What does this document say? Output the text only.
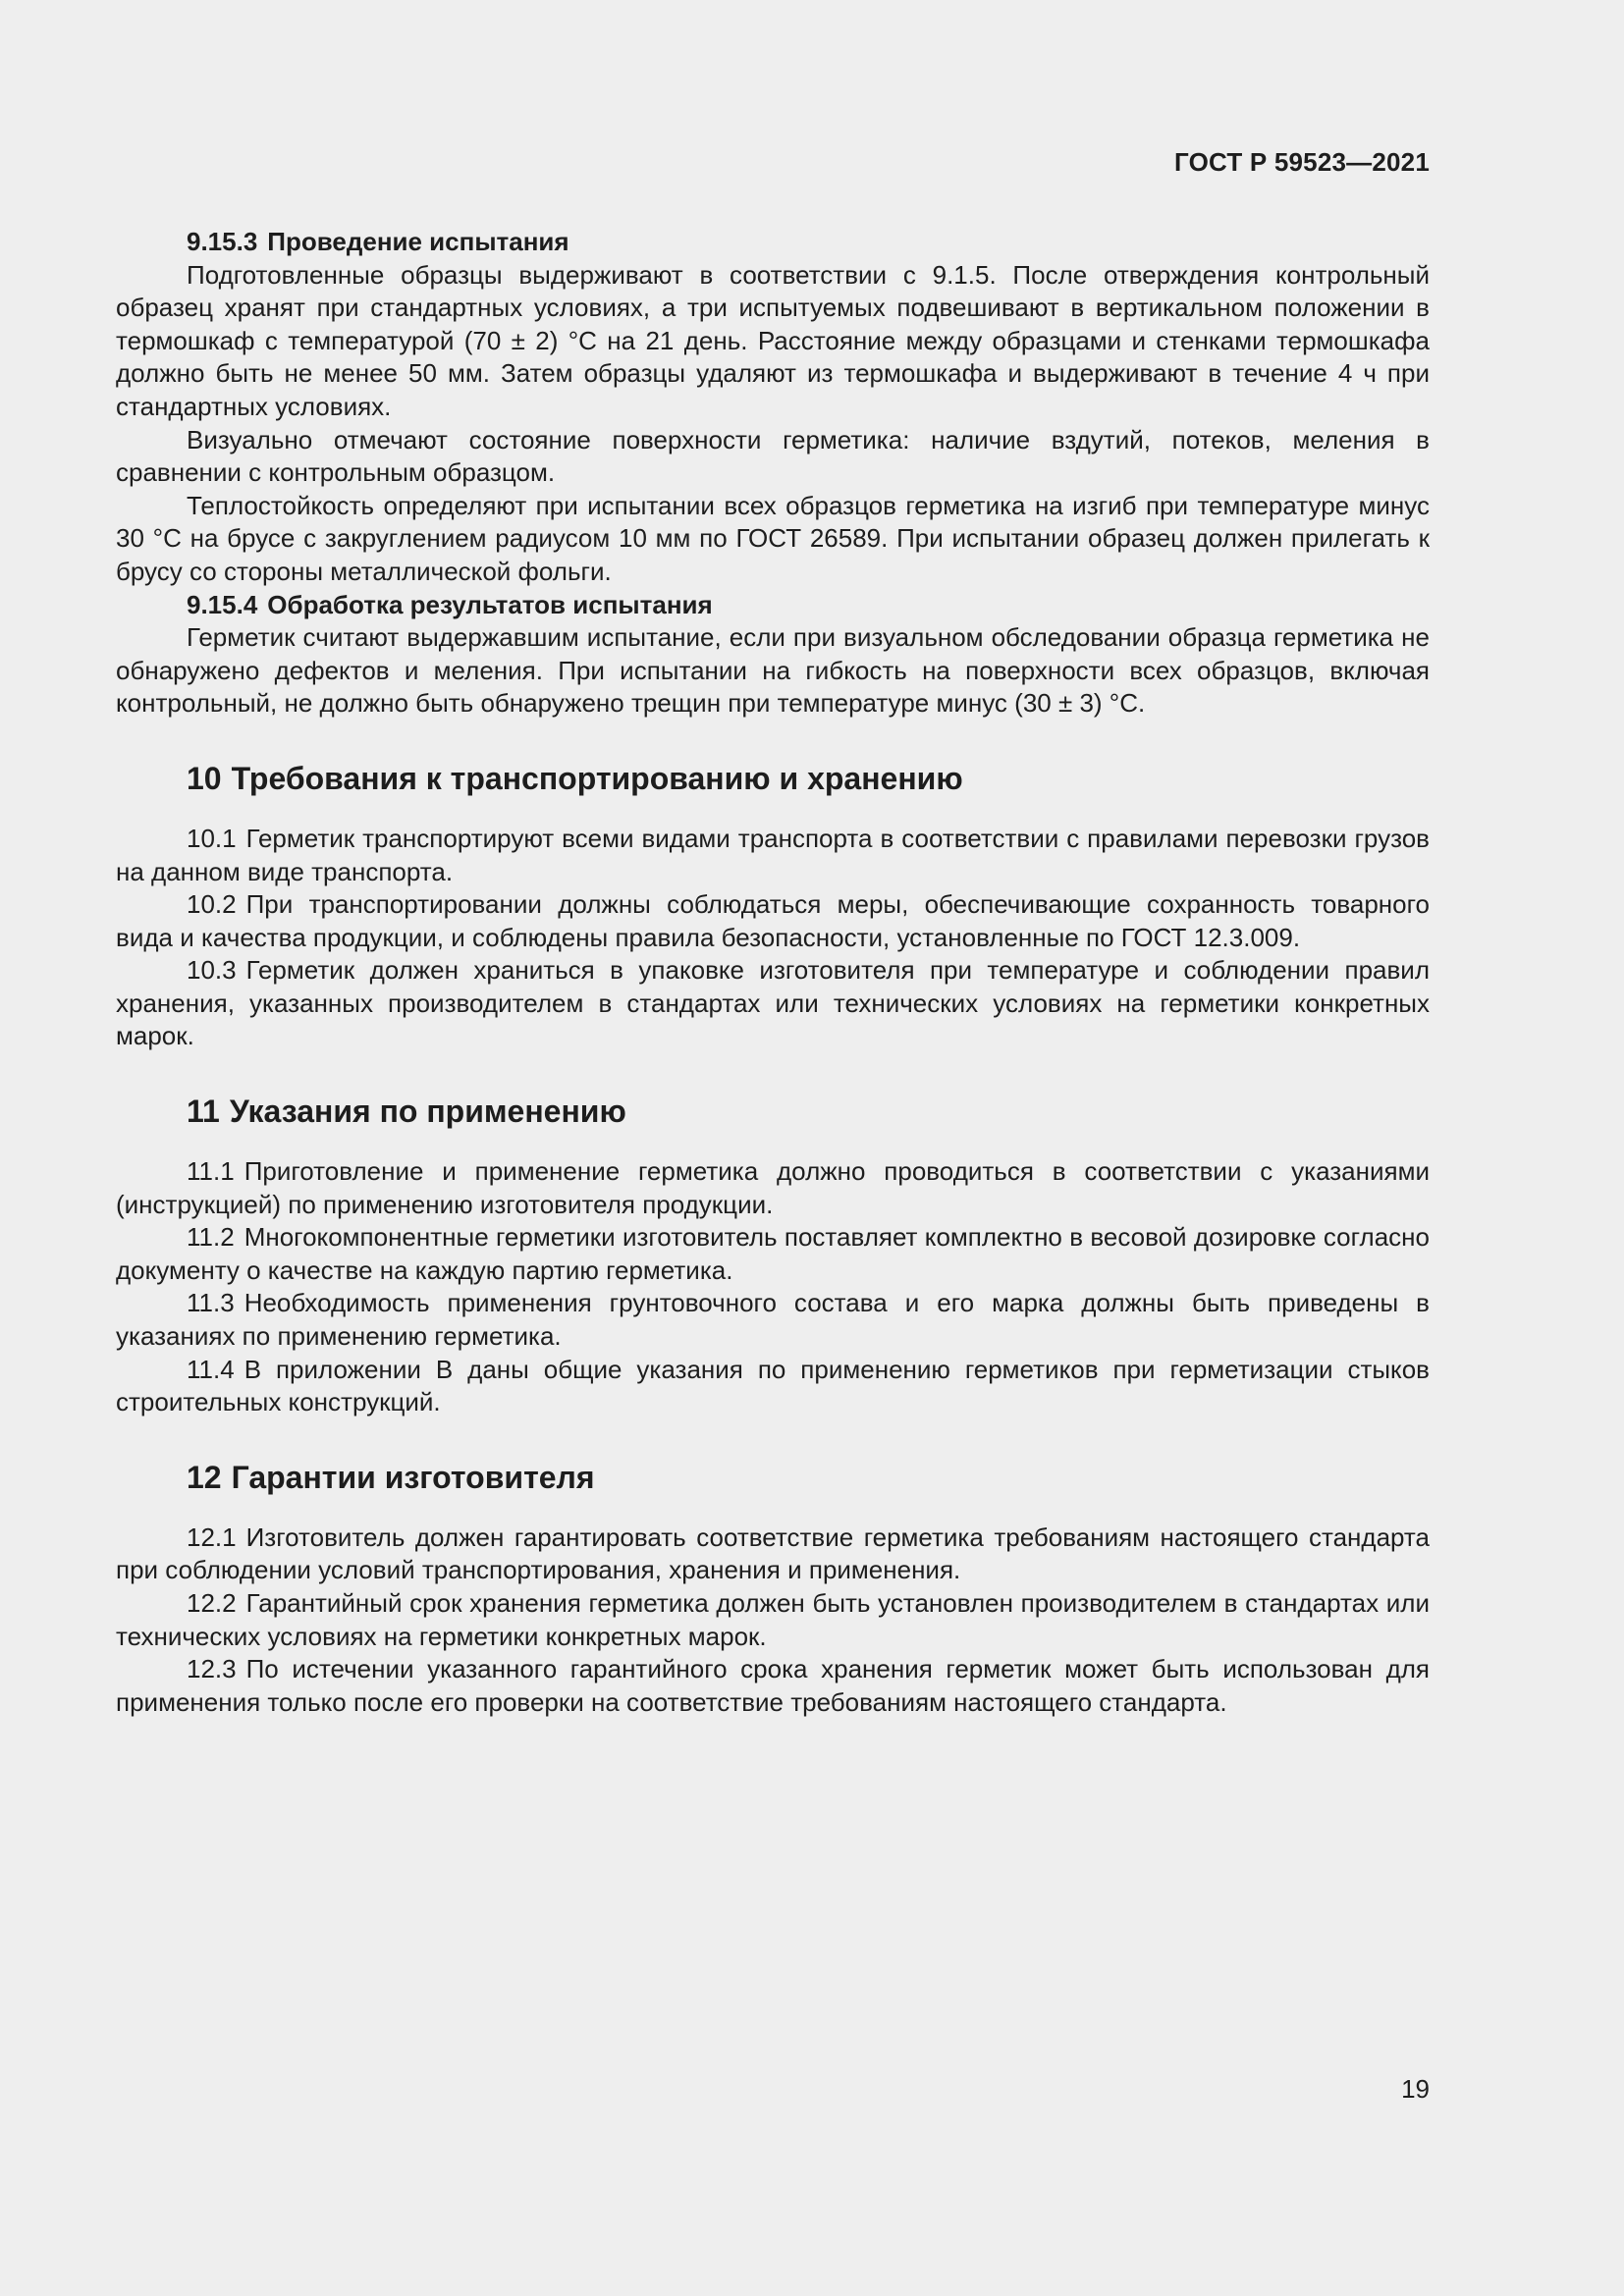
ГОСТ Р 59523—2021

9.15.3 Проведение испытания

Подготовленные образцы выдерживают в соответствии с 9.1.5. После отверждения контрольный образец хранят при стандартных условиях, а три испытуемых подвешивают в вертикальном положении в термошкаф с температурой (70 ± 2) °С на 21 день. Расстояние между образцами и стенками термошкафа должно быть не менее 50 мм. Затем образцы удаляют из термошкафа и выдерживают в течение 4 ч при стандартных условиях.

Визуально отмечают состояние поверхности герметика: наличие вздутий, потеков, меления в сравнении с контрольным образцом.

Теплостойкость определяют при испытании всех образцов герметика на изгиб при температуре минус 30 °С на брусе с закруглением радиусом 10 мм по ГОСТ 26589. При испытании образец должен прилегать к брусу со стороны металлической фольги.

9.15.4 Обработка результатов испытания

Герметик считают выдержавшим испытание, если при визуальном обследовании образца герметика не обнаружено дефектов и меления. При испытании на гибкость на поверхности всех образцов, включая контрольный, не должно быть обнаружено трещин при температуре минус (30 ± 3) °С.

10 Требования к транспортированию и хранению

10.1 Герметик транспортируют всеми видами транспорта в соответствии с правилами перевозки грузов на данном виде транспорта.

10.2 При транспортировании должны соблюдаться меры, обеспечивающие сохранность товарного вида и качества продукции, и соблюдены правила безопасности, установленные по ГОСТ 12.3.009.

10.3 Герметик должен храниться в упаковке изготовителя при температуре и соблюдении правил хранения, указанных производителем в стандартах или технических условиях на герметики конкретных марок.

11 Указания по применению

11.1 Приготовление и применение герметика должно проводиться в соответствии с указаниями (инструкцией) по применению изготовителя продукции.

11.2 Многокомпонентные герметики изготовитель поставляет комплектно в весовой дозировке согласно документу о качестве на каждую партию герметика.

11.3 Необходимость применения грунтовочного состава и его марка должны быть приведены в указаниях по применению герметика.

11.4 В приложении В даны общие указания по применению герметиков при герметизации стыков строительных конструкций.

12 Гарантии изготовителя

12.1 Изготовитель должен гарантировать соответствие герметика требованиям настоящего стандарта при соблюдении условий транспортирования, хранения и применения.

12.2 Гарантийный срок хранения герметика должен быть установлен производителем в стандартах или технических условиях на герметики конкретных марок.

12.3 По истечении указанного гарантийного срока хранения герметик может быть использован для применения только после его проверки на соответствие требованиям настоящего стандарта.

19
